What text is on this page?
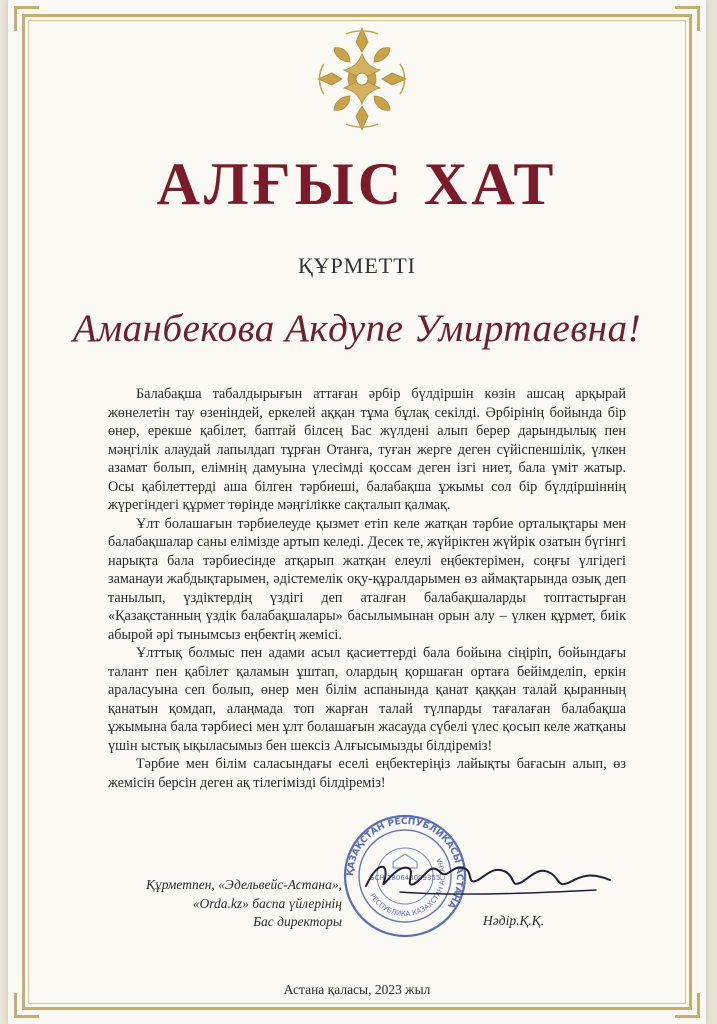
АЛҒЫС ХАТ
ҚҰРМЕТТІ
Аманбекова Акдупе Умиртаевна!

Балабақша табалдырығын аттаған әрбір бүлдіршін көзін ашсаң арқырай жөнелетін тау өзеніндей, еркелей аққан тұма бұлақ секілді. Әрбірінің бойында бір өнер, ерекше қабілет, баптай білсең Бас жүлдені алып берер дарындылық пен мәңгілік алаудай лапылдап тұрған Отанға, туған жерге деген сүйіспеншілік, үлкен азамат болып, елімнің дамуына үлесімді қоссам деген ізгі ниет, бала үміт жатыр. Осы қабілеттерді аша білген тәрбиеші, балабақша ұжымы сол бір бүлдіршіннің жүрегіндегі құрмет төрінде мәңгілікке сақталып қалмақ.

Ұлт болашағын тәрбиелеуде қызмет етіп келе жатқан тәрбие орталықтары мен балабақшалар саны елімізде артып келеді. Десек те, жүйріктен жүйрік озатын бүгінгі нарықта бала тәрбиесінде атқарып жатқан елеулі еңбектерімен, соңғы үлгідегі заманауи жабдықтарымен, әдістемелік оқу-құралдарымен өз аймақтарында озық деп танылып, үздіктердің үздігі деп аталған балабақшаларды топтастырған «Қазақстанның үздік балабақшалары» басылымынан орын алу – үлкен құрмет, биік абырой әрі тынымсыз еңбектің жемісі.

Ұлттық болмыс пен адами асыл қасиеттерді бала бойына сіңіріп, бойындағы талант пен қабілет қаламын ұштап, олардың қоршаған ортаға бейімделіп, еркін араласуына сеп болып, өнер мен білім аспанында қанат қаққан талай қыранның қанатын қомдап, алаңмада топ жарған талай түлпарды тағалаған балабақша ұжымына бала тәрбиесі мен ұлт болашағын жасауда сүбелі үлес қосып келе жатқаны үшін ыстық ықыласымыз бен шексіз Алғысымызды білдіреміз!

Тәрбие мен білім саласындағы еселі еңбектеріңіз лайықты бағасын алып, өз жемісін берсін деген ақ тілегімізді білдіреміз!

ҚАЗАҚСТАН РЕСПУБЛИКАСЫ АСТАНА
РЕСПУБЛИКА КАЗАХСТАН АСТАНА
БСН 180640009355
Құрметпен, «Эдельвейс-Астана»,
«Orda.kz» баспа үйлерінің
Бас директоры	Нәдір.Қ.Қ.
Астана қаласы, 2023 жыл
